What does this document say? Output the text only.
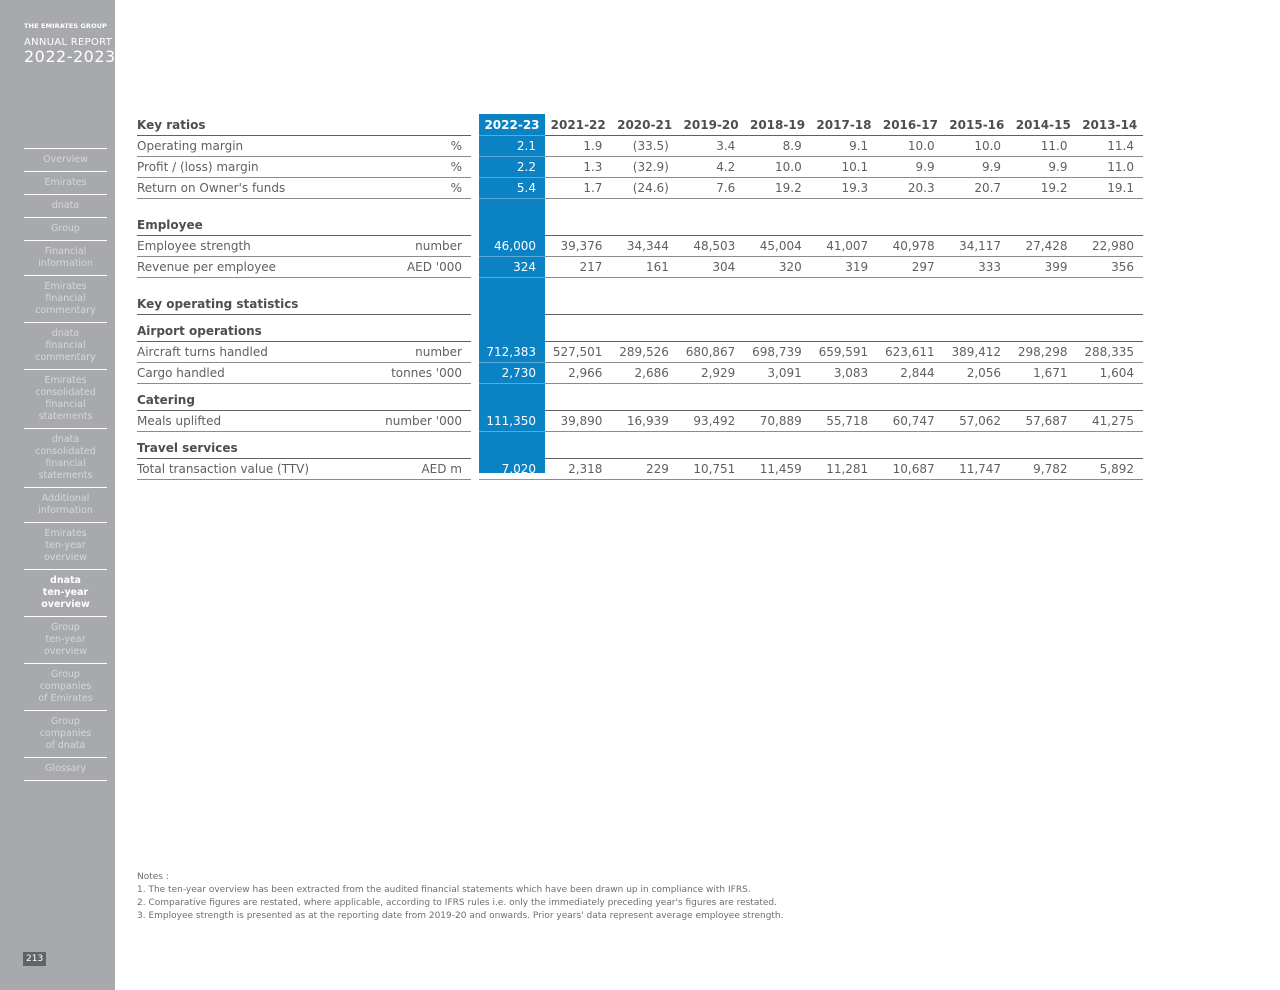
THE EMIRATES GROUP
ANNUAL REPORT
2022-2023
Overview
Emirates
dnata
Group
Financial
information
Emirates
financial
commentary
dnata
financial
commentary
Emirates
consolidated
financial
statements
dnata
consolidated
financial
statements
Additional
information
Emirates
ten-year
overview
dnata
ten-year
overview
Group
ten-year
overview
Group
companies
of Emirates
Group
companies
of dnata
Glossary
213
Key ratios			2022-23	2021-22	2020-21	2019-20	2018-19	2017-18	2016-17	2015-16	2014-15	2013-14
Operating margin	%		2.1	1.9	(33.5)	3.4	8.9	9.1	10.0	10.0	11.0	11.4
Profit / (loss) margin	%		2.2	1.3	(32.9)	4.2	10.0	10.1	9.9	9.9	9.9	11.0
Return on Owner's funds	%		5.4	1.7	(24.6)	7.6	19.2	19.3	20.3	20.7	19.2	19.1

Employee												
Employee strength	number		46,000	39,376	34,344	48,503	45,004	41,007	40,978	34,117	27,428	22,980
Revenue per employee	AED '000		324	217	161	304	320	319	297	333	399	356

Key operating statistics												

Airport operations												
Aircraft turns handled	number		712,383	527,501	289,526	680,867	698,739	659,591	623,611	389,412	298,298	288,335
Cargo handled	tonnes '000		2,730	2,966	2,686	2,929	3,091	3,083	2,844	2,056	1,671	1,604

Catering												
Meals uplifted	number '000		111,350	39,890	16,939	93,492	70,889	55,718	60,747	57,062	57,687	41,275

Travel services												
Total transaction value (TTV)	AED m		7,020	2,318	229	10,751	11,459	11,281	10,687	11,747	9,782	5,892
Notes :
1. The ten-year overview has been extracted from the audited financial statements which have been drawn up in compliance with IFRS.
2. Comparative figures are restated, where applicable, according to IFRS rules i.e. only the immediately preceding year's figures are restated.
3. Employee strength is presented as at the reporting date from 2019-20 and onwards. Prior years' data represent average employee strength.
